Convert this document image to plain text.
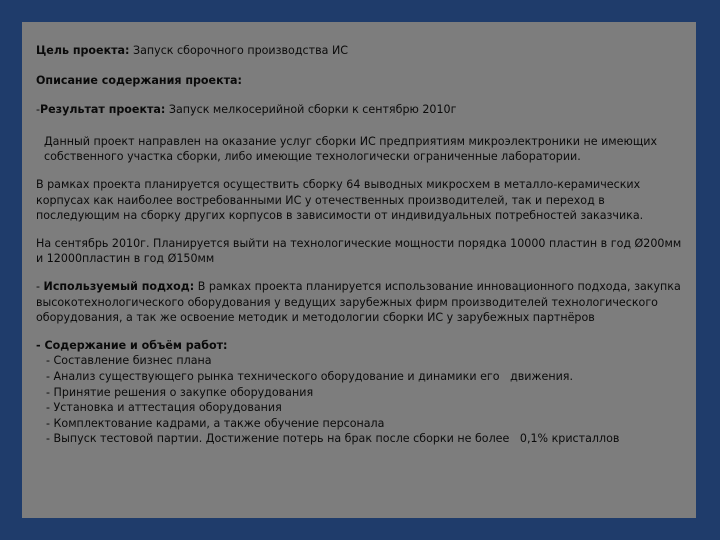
Цель проекта: Запуск сборочного производства ИС

Описание содержания проекта:

-Результат проекта: Запуск мелкосерийной сборки к сентябрю 2010г

Данный проект направлен на оказание услуг сборки ИС предприятиям микроэлектроники не имеющих собственного участка сборки, либо имеющие технологически ограниченные лаборатории.

В рамках проекта планируется осуществить сборку 64 выводных микросхем в металло-керамических корпусах как наиболее востребованными ИС у отечественных производителей, так и переход в последующим на сборку других корпусов в зависимости от индивидуальных потребностей заказчика.

На сентябрь 2010г. Планируется выйти на технологические мощности порядка 10000 пластин в год Ø200мм и 12000пластин в год Ø150мм

- Используемый подход: В рамках проекта планируется использование инновационного подхода, закупка высокотехнологического оборудования у ведущих зарубежных фирм производителей технологического оборудования, а так же освоение методик и методологии сборки ИС у зарубежных партнёров

- Содержание и объём работ:

- Составление бизнес плана

- Анализ существующего рынка технического оборудование и динамики его   движения.

- Принятие решения о закупке оборудования

- Установка и аттестация оборудования

- Комплектование кадрами, а также обучение персонала

- Выпуск тестовой партии. Достижение потерь на брак после сборки не более   0,1% кристаллов
